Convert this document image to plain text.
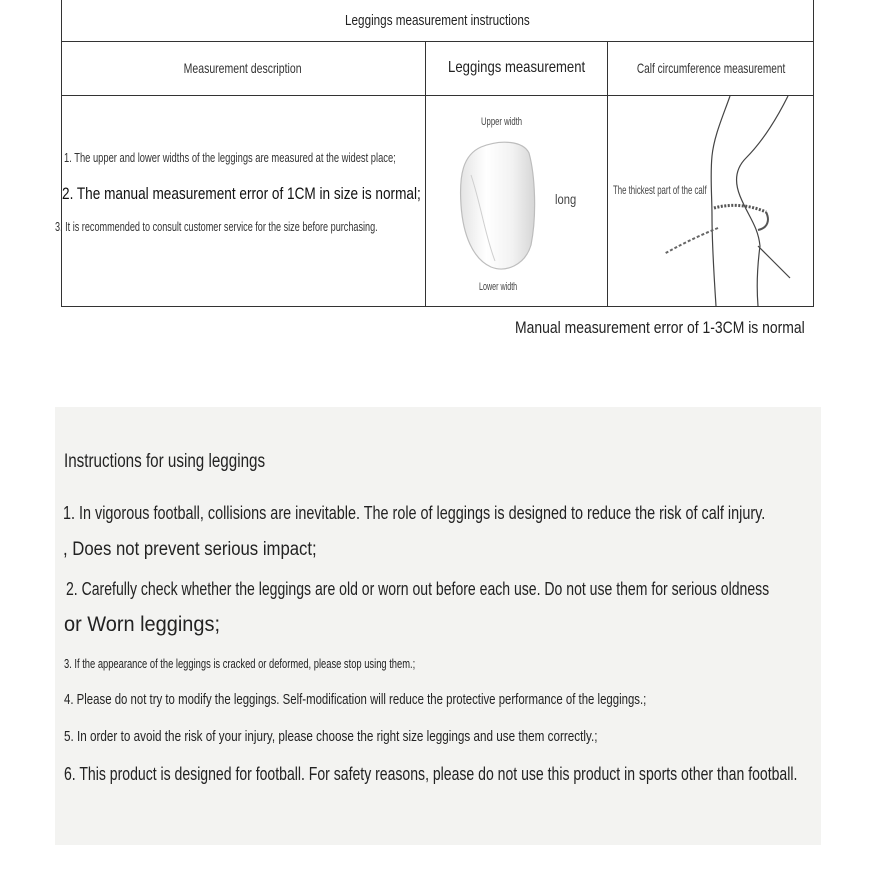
Leggings measurement instructions
Measurement description	Leggings measurement	Calf circumference measurement
1. The upper and lower widths of the leggings are measured at the widest place;
2. The manual measurement error of 1CM in size is normal;
3. It is recommended to consult customer service for the size before purchasing.
Upper width
long
Lower width
The thickest part of the calf
Manual measurement error of 1-3CM is normal
Instructions for using leggings
1. In vigorous football, collisions are inevitable. The role of leggings is designed to reduce the risk of calf injury.
, Does not prevent serious impact;
2. Carefully check whether the leggings are old or worn out before each use. Do not use them for serious oldness
or Worn leggings;
3. If the appearance of the leggings is cracked or deformed, please stop using them.;
4. Please do not try to modify the leggings. Self-modification will reduce the protective performance of the leggings.;
5. In order to avoid the risk of your injury, please choose the right size leggings and use them correctly.;
6. This product is designed for football. For safety reasons, please do not use this product in sports other than football.
